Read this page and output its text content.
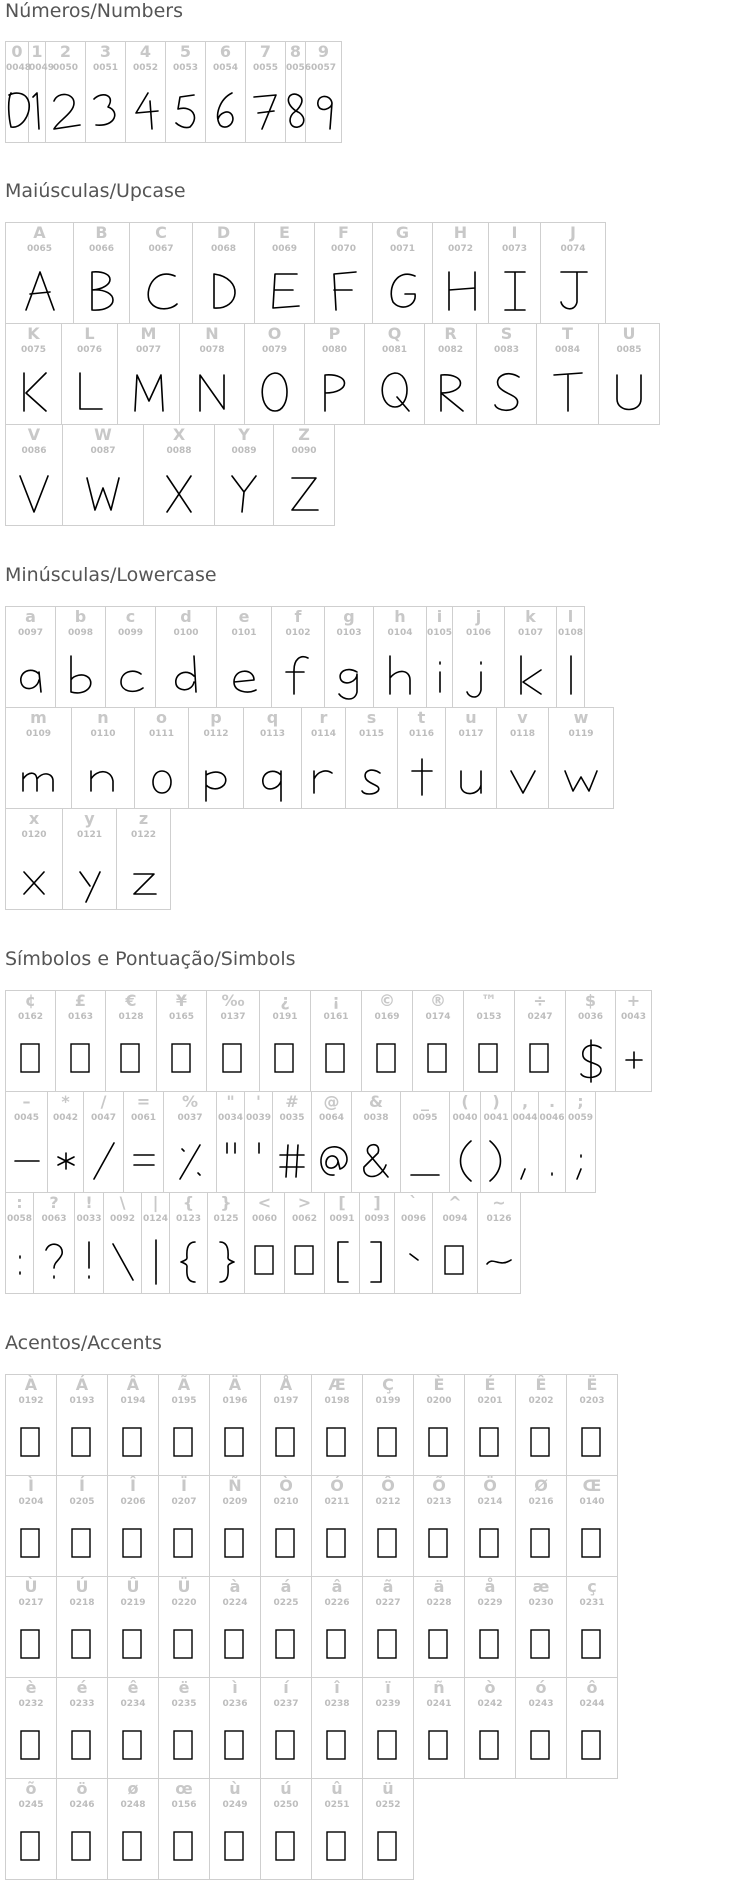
Números/Numbers
0
0048
1
0049
2
0050
3
0051
4
0052
5
0053
6
0054
7
0055
8
0056
9
0057
Maiúsculas/Upcase
A
0065
B
0066
C
0067
D
0068
E
0069
F
0070
G
0071
H
0072
I
0073
J
0074
K
0075
L
0076
M
0077
N
0078
O
0079
P
0080
Q
0081
R
0082
S
0083
T
0084
U
0085
V
0086
W
0087
X
0088
Y
0089
Z
0090
Minúsculas/Lowercase
a
0097
b
0098
c
0099
d
0100
e
0101
f
0102
g
0103
h
0104
i
0105
j
0106
k
0107
l
0108
m
0109
n
0110
o
0111
p
0112
q
0113
r
0114
s
0115
t
0116
u
0117
v
0118
w
0119
x
0120
y
0121
z
0122
Símbolos e Pontuação/Simbols
¢
0162
£
0163
€
0128
¥
0165
‰
0137
¿
0191
¡
0161
©
0169
®
0174
™
0153
÷
0247
$
0036
+
0043
–
0045
*
0042
/
0047
=
0061
%
0037
"
0034
'
0039
#
0035
@
0064
&
0038
_
0095
(
0040
)
0041
,
0044
.
0046
;
0059
:
0058
?
0063
!
0033
\
0092
|
0124
{
0123
}
0125
<
0060
>
0062
[
0091
]
0093
`
0096
^
0094
~
0126
Acentos/Accents
À
0192
Á
0193
Â
0194
Ã
0195
Ä
0196
Å
0197
Æ
0198
Ç
0199
È
0200
É
0201
Ê
0202
Ë
0203
Ì
0204
Í
0205
Î
0206
Ï
0207
Ñ
0209
Ò
0210
Ó
0211
Ô
0212
Õ
0213
Ö
0214
Ø
0216
Œ
0140
Ù
0217
Ú
0218
Û
0219
Ü
0220
à
0224
á
0225
â
0226
ã
0227
ä
0228
å
0229
æ
0230
ç
0231
è
0232
é
0233
ê
0234
ë
0235
ì
0236
í
0237
î
0238
ï
0239
ñ
0241
ò
0242
ó
0243
ô
0244
õ
0245
ö
0246
ø
0248
œ
0156
ù
0249
ú
0250
û
0251
ü
0252
